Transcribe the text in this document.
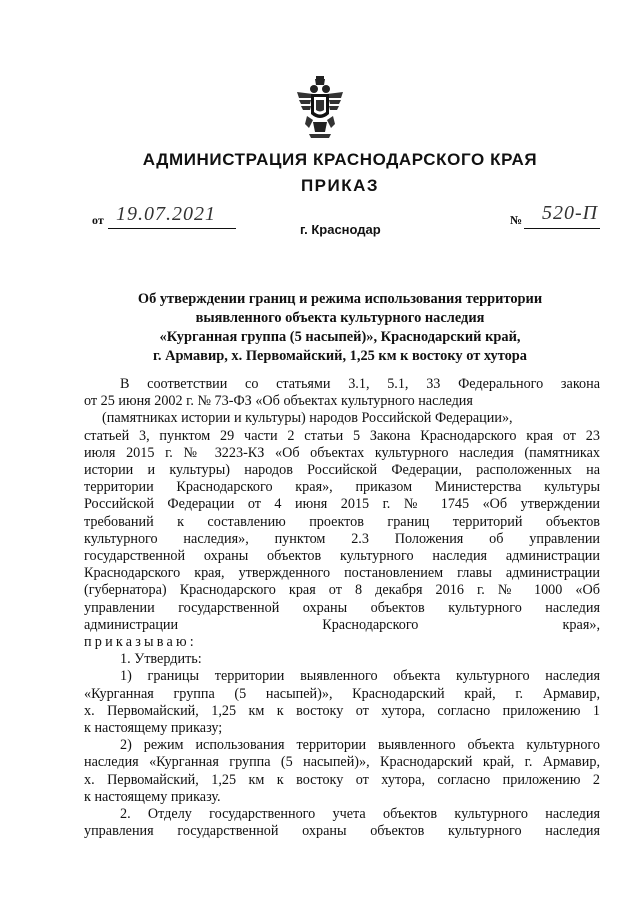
АДМИНИСТРАЦИЯ КРАСНОДАРСКОГО КРАЯ
ПРИКАЗ
от 19.07.2021
г. Краснодар
№ 520-П
Об утверждении границ и режима использования территории
выявленного объекта культурного наследия
«Курганная группа (5 насыпей)», Краснодарский край,
г. Армавир, х. Первомайский, 1,25 км к востоку от хутора
В соответствии со статьями 3.1, 5.1, 33 Федерального закона
от 25 июня 2002 г. № 73-ФЗ «Об объектах культурного наследия
(памятниках истории и культуры) народов Российской Федерации»,
статьей 3, пунктом 29 части 2 статьи 5 Закона Краснодарского края от 23
июля 2015 г. № 3223-КЗ «Об объектах культурного наследия (памятниках
истории и культуры) народов Российской Федерации, расположенных на
территории Краснодарского края», приказом Министерства культуры
Российской Федерации от 4 июня 2015 г. № 1745 «Об утверждении
требований к составлению проектов границ территорий объектов
культурного наследия», пунктом 2.3 Положения об управлении
государственной охраны объектов культурного наследия администрации
Краснодарского края, утвержденного постановлением главы администрации
(губернатора) Краснодарского края от 8 декабря 2016 г. № 1000 «Об
управлении государственной охраны объектов культурного наследия
администрации Краснодарского края»,
приказываю:
1. Утвердить:
1) границы территории выявленного объекта культурного наследия
«Курганная группа (5 насыпей)», Краснодарский край, г. Армавир,
х. Первомайский, 1,25 км к востоку от хутора, согласно приложению 1
к настоящему приказу;
2) режим использования территории выявленного объекта культурного
наследия «Курганная группа (5 насыпей)», Краснодарский край, г. Армавир,
х. Первомайский, 1,25 км к востоку от хутора, согласно приложению 2
к настоящему приказу.
2. Отделу государственного учета объектов культурного наследия
управления государственной охраны объектов культурного наследия
